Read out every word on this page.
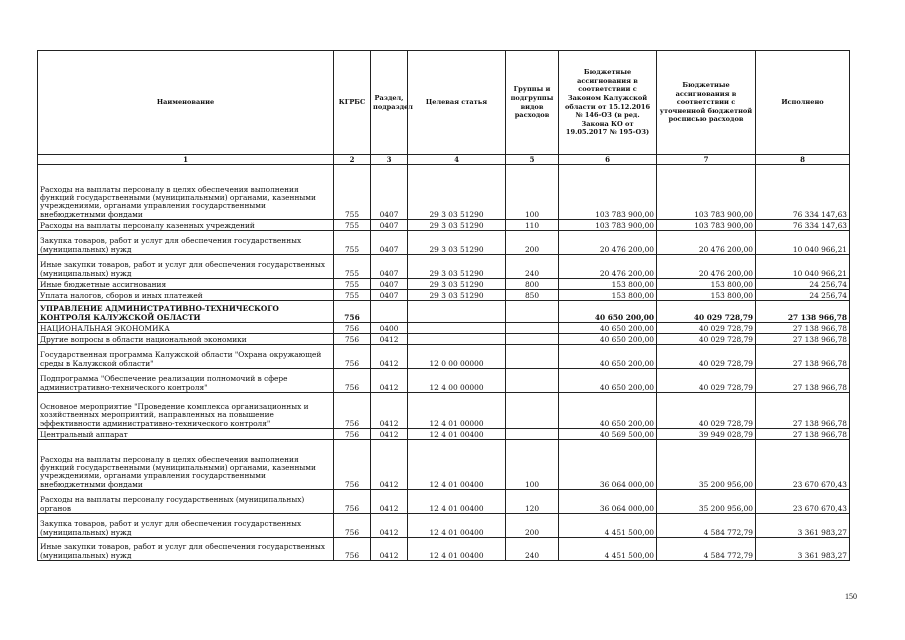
Наименование	КГРБС	Раздел, подраздел	Целевая статья	Группы и подгруппы видов расходов	Бюджетные ассигнования в соответствии с Законом Калужской области от 15.12.2016 № 146-ОЗ (в ред. Закона КО от 19.05.2017 № 195-ОЗ)	Бюджетные ассигнования в соответствии с уточненной бюджетной росписью расходов	Исполнено
1	2	3	4	5	6	7	8
Расходы на выплаты персоналу в целях обеспечения выполнения функций государственными (муниципальными) органами, казенными учреждениями, органами управления государственными внебюджетными фондами	755	0407	29 3 03 51290	100	103 783 900,00	103 783 900,00	76 334 147,63
Расходы на выплаты персоналу казенных учреждений	755	0407	29 3 03 51290	110	103 783 900,00	103 783 900,00	76 334 147,63
Закупка товаров, работ и услуг для обеспечения государственных (муниципальных) нужд	755	0407	29 3 03 51290	200	20 476 200,00	20 476 200,00	10 040 966,21
Иные закупки товаров, работ и услуг для обеспечения государственных (муниципальных) нужд	755	0407	29 3 03 51290	240	20 476 200,00	20 476 200,00	10 040 966,21
Иные бюджетные ассигнования	755	0407	29 3 03 51290	800	153 800,00	153 800,00	24 256,74
Уплата налогов, сборов и иных платежей	755	0407	29 3 03 51290	850	153 800,00	153 800,00	24 256,74
УПРАВЛЕНИЕ АДМИНИСТРАТИВНО-ТЕХНИЧЕСКОГО КОНТРОЛЯ КАЛУЖСКОЙ ОБЛАСТИ	756				40 650 200,00	40 029 728,79	27 138 966,78
НАЦИОНАЛЬНАЯ ЭКОНОМИКА	756	0400			40 650 200,00	40 029 728,79	27 138 966,78
Другие вопросы в области национальной экономики	756	0412			40 650 200,00	40 029 728,79	27 138 966,78
Государственная программа Калужской области "Охрана окружающей среды в Калужской области"	756	0412	12 0 00 00000		40 650 200,00	40 029 728,79	27 138 966,78
Подпрограмма "Обеспечение реализации полномочий в сфере административно-технического контроля"	756	0412	12 4 00 00000		40 650 200,00	40 029 728,79	27 138 966,78
Основное мероприятие "Проведение комплекса организационных и хозяйственных мероприятий, направленных на повышение эффективности административно-технического контроля"	756	0412	12 4 01 00000		40 650 200,00	40 029 728,79	27 138 966,78
Центральный аппарат	756	0412	12 4 01 00400		40 569 500,00	39 949 028,79	27 138 966,78
Расходы на выплаты персоналу в целях обеспечения выполнения функций государственными (муниципальными) органами, казенными учреждениями, органами управления государственными внебюджетными фондами	756	0412	12 4 01 00400	100	36 064 000,00	35 200 956,00	23 670 670,43
Расходы на выплаты персоналу государственных (муниципальных) органов	756	0412	12 4 01 00400	120	36 064 000,00	35 200 956,00	23 670 670,43
Закупка товаров, работ и услуг для обеспечения государственных (муниципальных) нужд	756	0412	12 4 01 00400	200	4 451 500,00	4 584 772,79	3 361 983,27
Иные закупки товаров, работ и услуг для обеспечения государственных (муниципальных) нужд	756	0412	12 4 01 00400	240	4 451 500,00	4 584 772,79	3 361 983,27
150
